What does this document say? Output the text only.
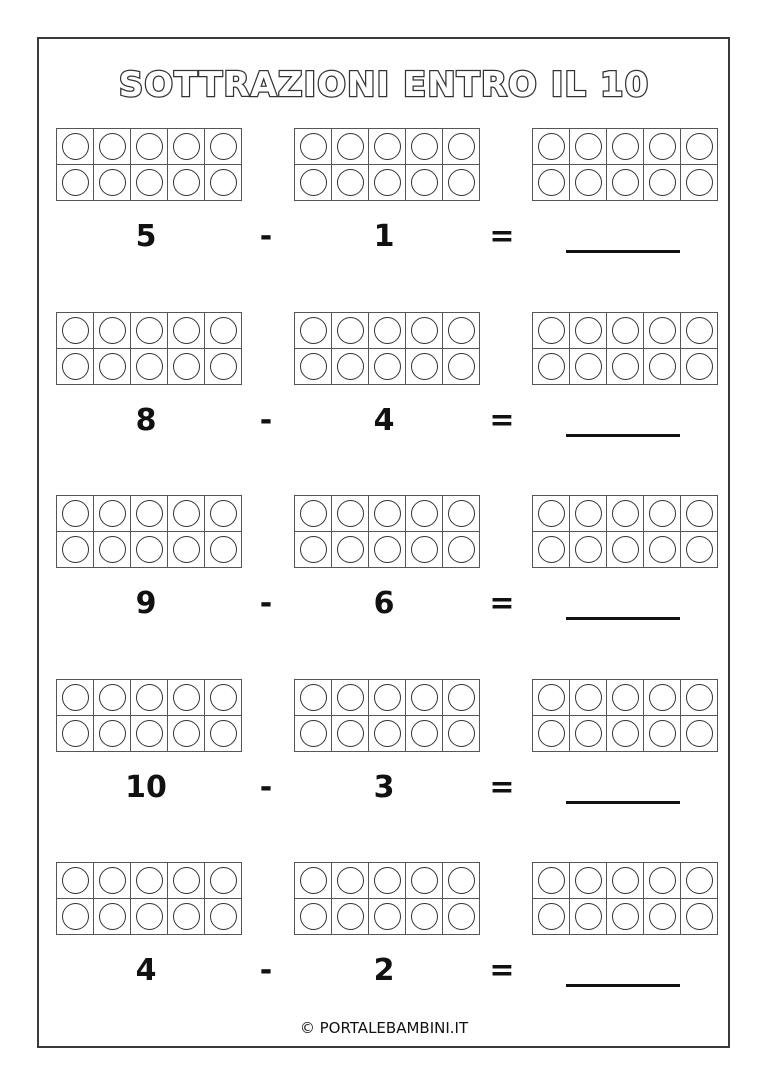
SOTTRAZIONI ENTRO IL 10
5	-	1	=
8	-	4	=
9	-	6	=
10	-	3	=
4	-	2	=
© PORTALEBAMBINI.IT
